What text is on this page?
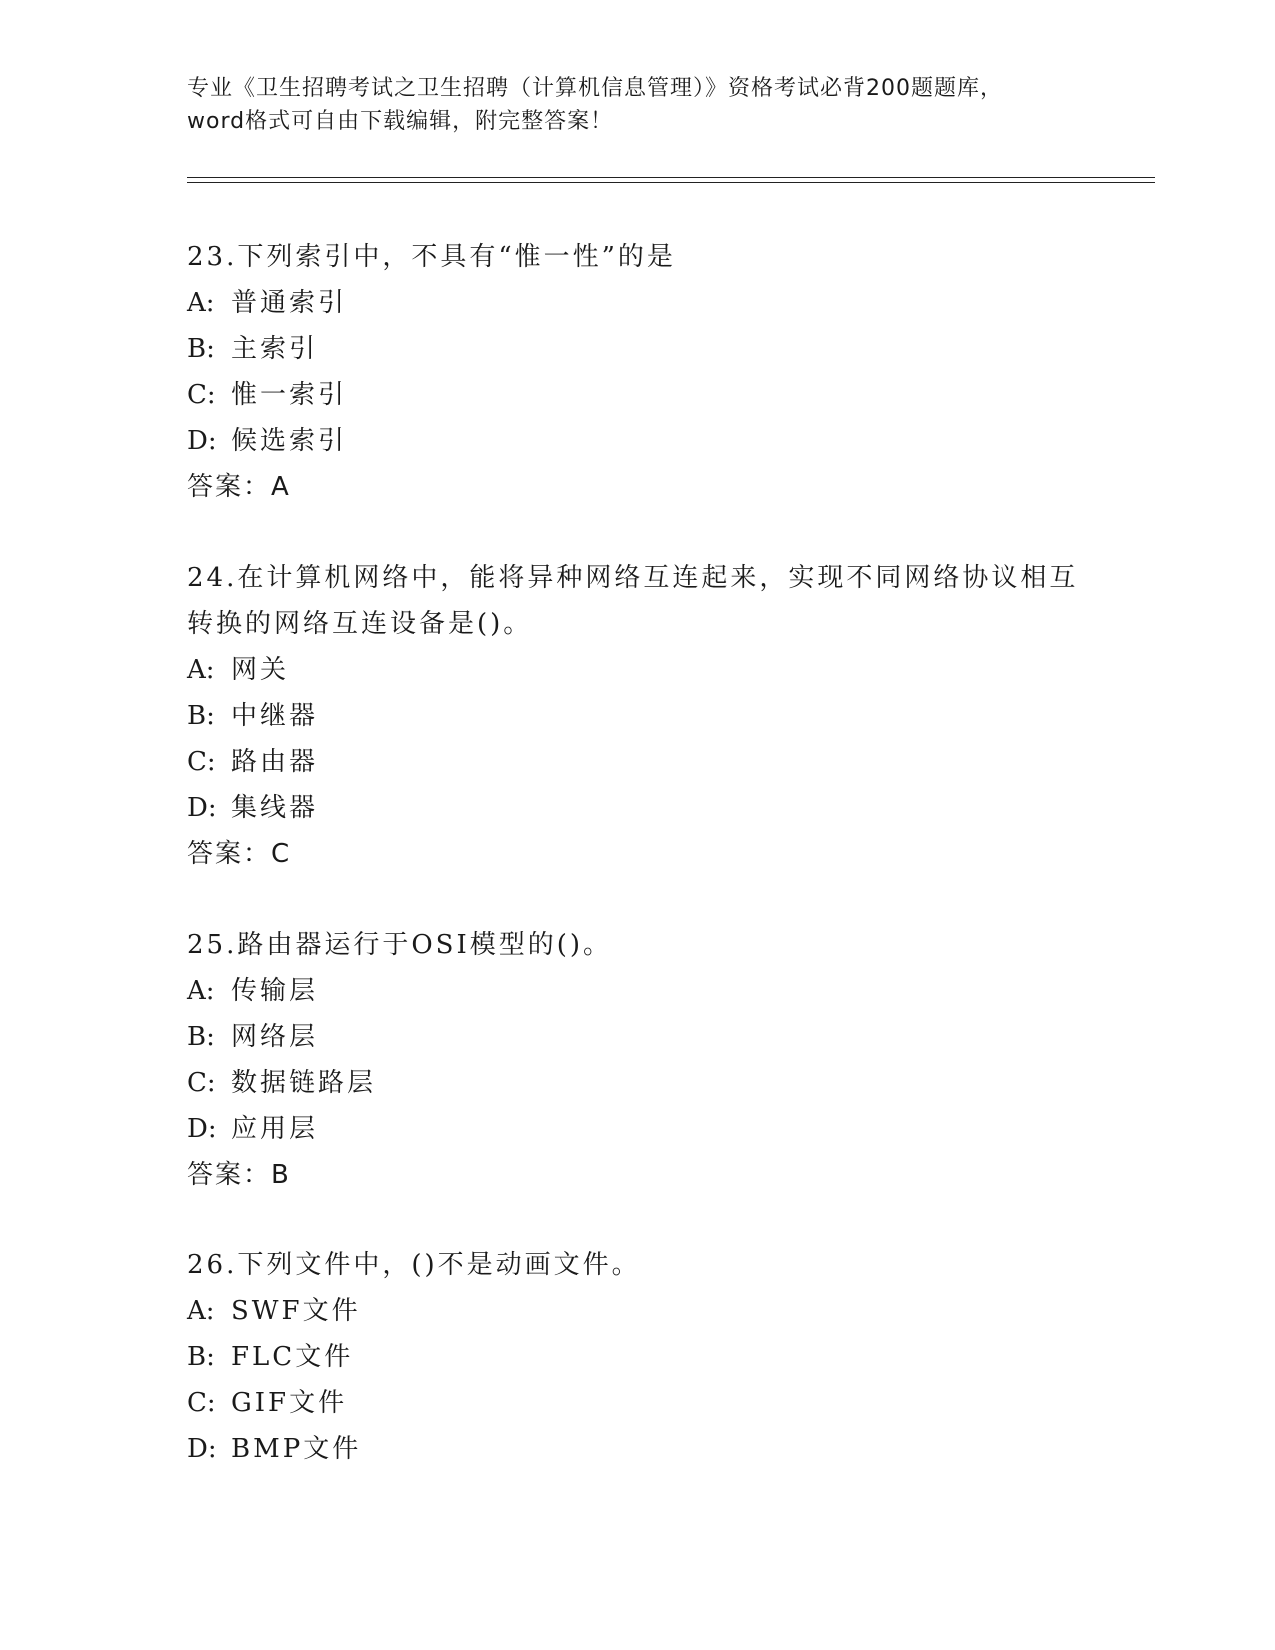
专业《卫生招聘考试之卫生招聘（计算机信息管理）》资格考试必背200题题库，
word格式可自由下载编辑，附完整答案！

23.下列索引中，不具有“惟一性”的是

A: 普通索引

B: 主索引

C: 惟一索引

D: 候选索引

答案：A

24.在计算机网络中，能将异种网络互连起来，实现不同网络协议相互转换的网络互连设备是()。

A: 网关

B: 中继器

C: 路由器

D: 集线器

答案：C

25.路由器运行于OSI模型的()。

A: 传输层

B: 网络层

C: 数据链路层

D: 应用层

答案：B

26.下列文件中，()不是动画文件。

A: SWF文件

B: FLC文件

C: GIF文件

D: BMP文件
